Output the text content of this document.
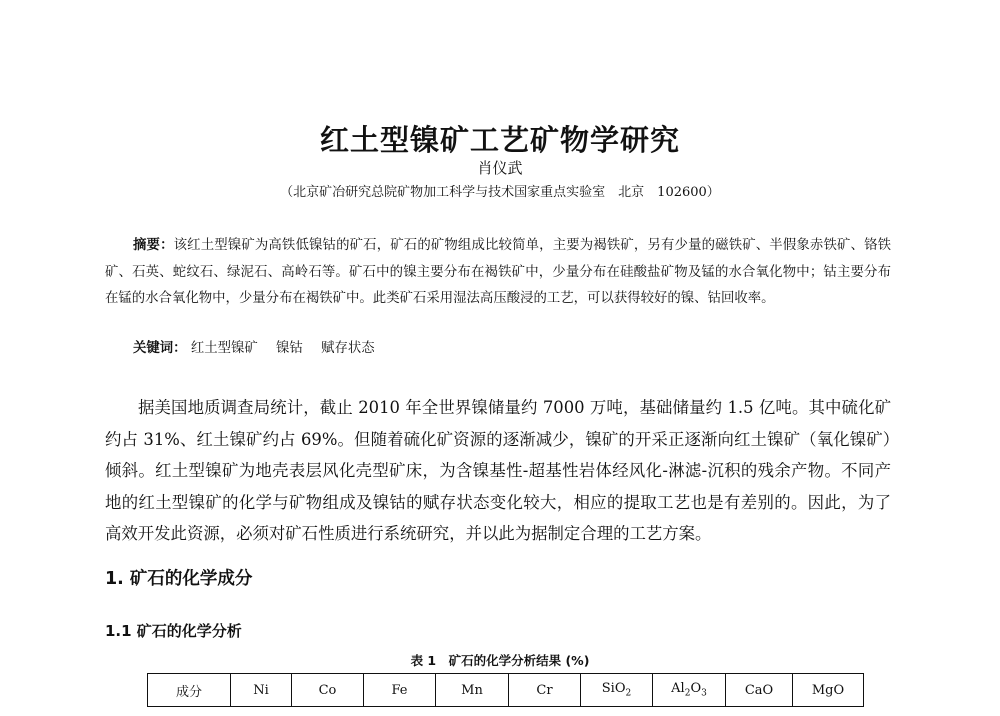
红土型镍矿工艺矿物学研究
肖仪武
（北京矿冶研究总院矿物加工科学与技术国家重点实验室　北京　102600）
摘要：该红土型镍矿为高铁低镍钴的矿石，矿石的矿物组成比较简单，主要为褐铁矿，另有少量的磁铁矿、半假象赤铁矿、铬铁矿、石英、蛇纹石、绿泥石、高岭石等。矿石中的镍主要分布在褐铁矿中，少量分布在硅酸盐矿物及锰的水合氧化物中；钴主要分布在锰的水合氧化物中，少量分布在褐铁矿中。此类矿石采用湿法高压酸浸的工艺，可以获得较好的镍、钴回收率。
关键词： 红土型镍矿 镍钴 赋存状态
据美国地质调查局统计，截止 2010 年全世界镍储量约 7000 万吨，基础储量约 1.5 亿吨。其中硫化矿约占 31%、红土镍矿约占 69%。但随着硫化矿资源的逐渐减少，镍矿的开采正逐渐向红土镍矿（氧化镍矿）倾斜。红土型镍矿为地壳表层风化壳型矿床，为含镍基性-超基性岩体经风化-淋滤-沉积的残余产物。不同产地的红土型镍矿的化学与矿物组成及镍钴的赋存状态变化较大，相应的提取工艺也是有差别的。因此，为了高效开发此资源，必须对矿石性质进行系统研究，并以此为据制定合理的工艺方案。
1. 矿石的化学成分
1.1 矿石的化学分析
表 1　矿石的化学分析结果 (%)
成分	Ni	Co	Fe	Mn	Cr	SiO$_2$	$Al_2O_3$	CaO	MgO
